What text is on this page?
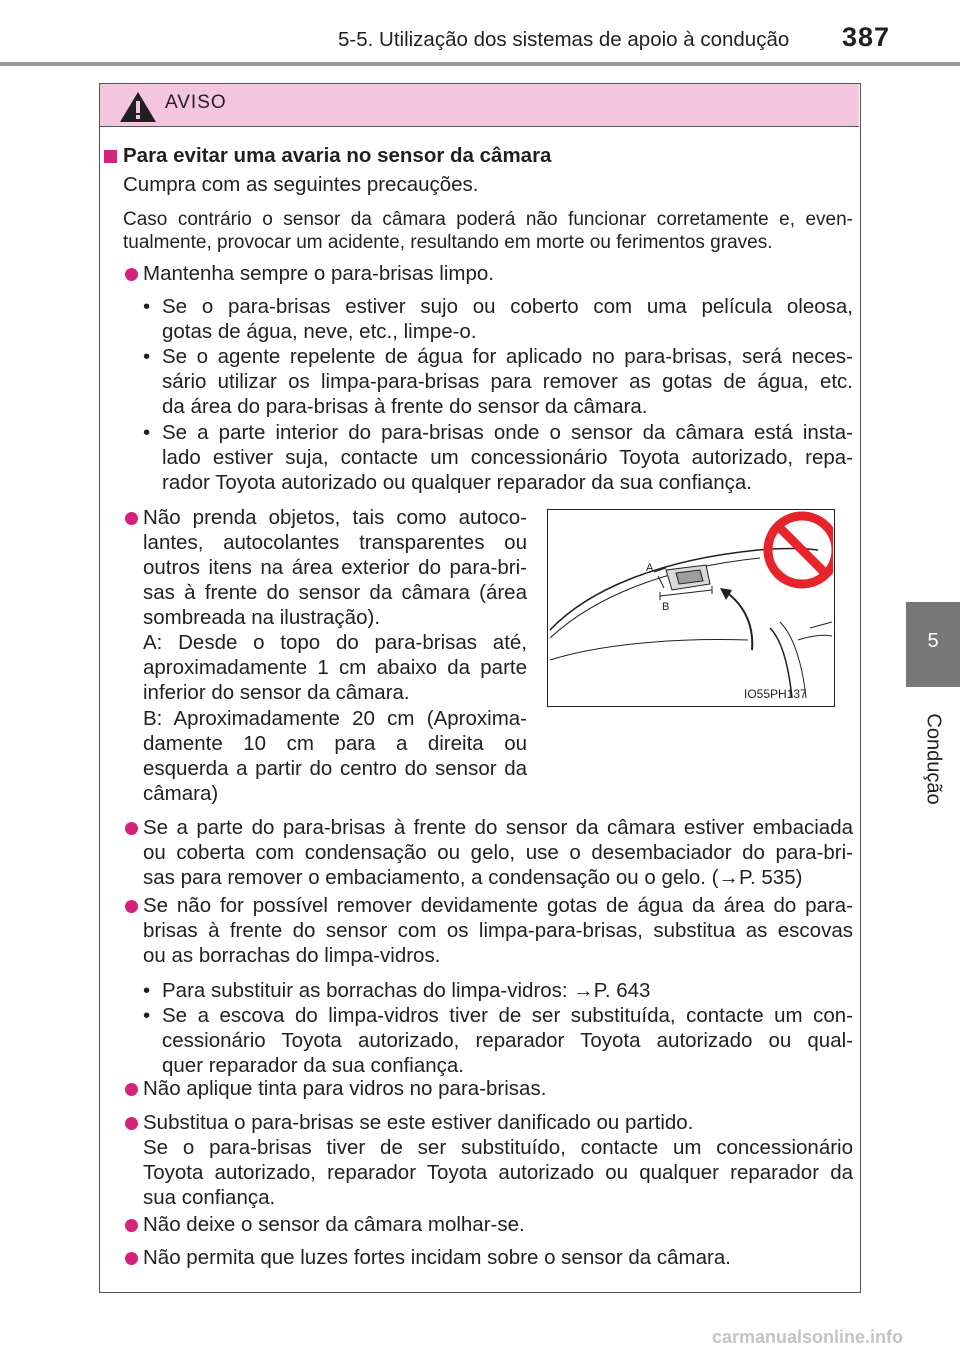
5-5. Utilização dos sistemas de apoio à condução 387
5
Condução
AVISO
Para evitar uma avaria no sensor da câmara
Cumpra com as seguintes precauções.
Caso contrário o sensor da câmara poderá não funcionar corretamente e, even-
tualmente, provocar um acidente, resultando em morte ou ferimentos graves.
Mantenha sempre o para-brisas limpo.
• Se o para-brisas estiver sujo ou coberto com uma película oleosa,
gotas de água, neve, etc., limpe-o.
• Se o agente repelente de água for aplicado no para-brisas, será neces-
sário utilizar os limpa-para-brisas para remover as gotas de água, etc.
da área do para-brisas à frente do sensor da câmara.
• Se a parte interior do para-brisas onde o sensor da câmara está insta-
lado estiver suja, contacte um concessionário Toyota autorizado, repa-
rador Toyota autorizado ou qualquer reparador da sua confiança.
Não prenda objetos, tais como autoco-
lantes, autocolantes transparentes ou
outros itens na área exterior do para-bri-
sas à frente do sensor da câmara (área
sombreada na ilustração).
A: Desde o topo do para-brisas até,
aproximadamente 1 cm abaixo da parte
inferior do sensor da câmara.
B: Aproximadamente 20 cm (Aproxima-
damente 10 cm para a direita ou
esquerda a partir do centro do sensor da
câmara)
A
B
IO55PH137
Se a parte do para-brisas à frente do sensor da câmara estiver embaciada
ou coberta com condensação ou gelo, use o desembaciador do para-bri-
sas para remover o embaciamento, a condensação ou o gelo. (→P. 535)
Se não for possível remover devidamente gotas de água da área do para-
brisas à frente do sensor com os limpa-para-brisas, substitua as escovas
ou as borrachas do limpa-vidros.
• Para substituir as borrachas do limpa-vidros: →P. 643
• Se a escova do limpa-vidros tiver de ser substituída, contacte um con-
cessionário Toyota autorizado, reparador Toyota autorizado ou qual-
quer reparador da sua confiança.
Não aplique tinta para vidros no para-brisas.
Substitua o para-brisas se este estiver danificado ou partido.
Se o para-brisas tiver de ser substituído, contacte um concessionário
Toyota autorizado, reparador Toyota autorizado ou qualquer reparador da
sua confiança.
Não deixe o sensor da câmara molhar-se.
Não permita que luzes fortes incidam sobre o sensor da câmara.
carmanualsonline.info
